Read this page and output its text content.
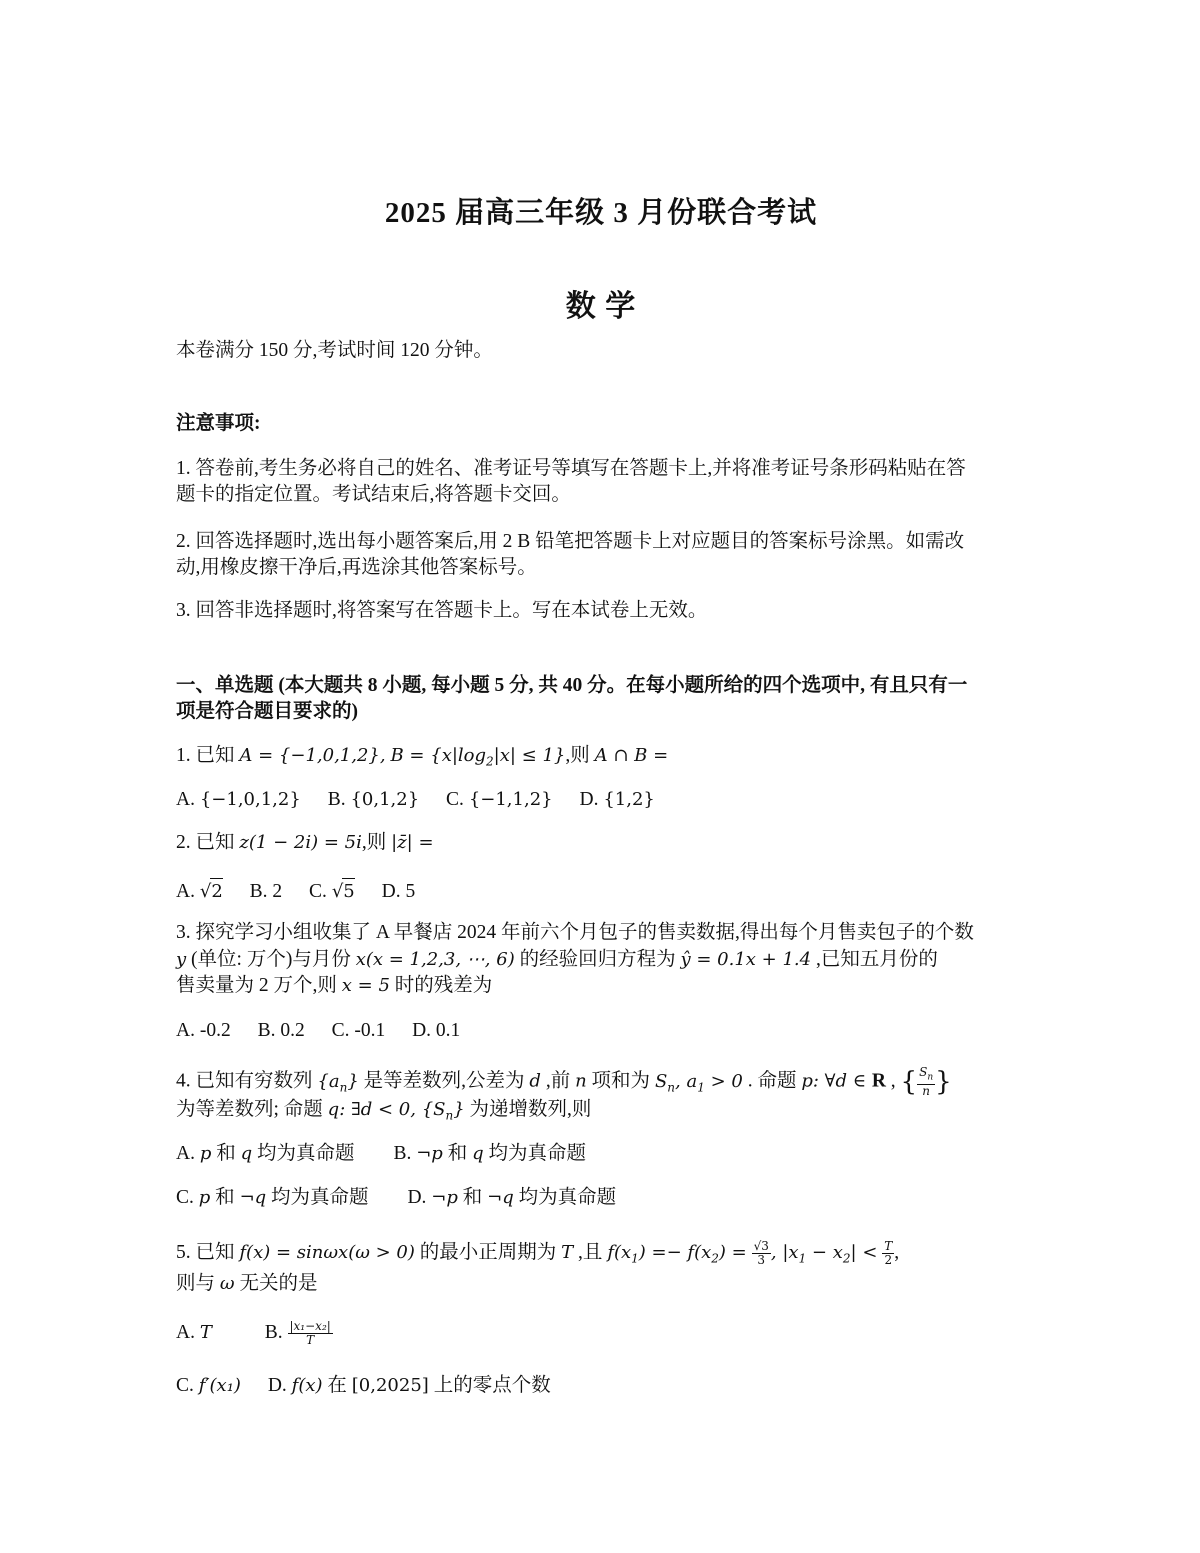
2025 届高三年级 3 月份联合考试
数 学
本卷满分 150 分,考试时间 120 分钟。
注意事项:
1. 答卷前,考生务必将自己的姓名、准考证号等填写在答题卡上,并将准考证号条形码粘贴在答
题卡的指定位置。考试结束后,将答题卡交回。
2. 回答选择题时,选出每小题答案后,用 2 B 铅笔把答题卡上对应题目的答案标号涂黑。如需改
动,用橡皮擦干净后,再选涂其他答案标号。
3. 回答非选择题时,将答案写在答题卡上。写在本试卷上无效。
一、单选题 (本大题共 8 小题, 每小题 5 分, 共 40 分。在每小题所给的四个选项中, 有且只有一
项是符合题目要求的)
1. 已知 A = {−1,0,1,2}, $B = \{x|\log_2|x| \le 1\}$,则 A ∩ B =
A. {−1,0,1,2} B. {0,1,2} C. {−1,1,2} D. {1,2}
2. 已知 z(1 − 2i) = 5i,则 |z̄| =
A. √2 B. 2 C. √5 D. 5
3. 探究学习小组收集了 A 早餐店 2024 年前六个月包子的售卖数据,得出每个月售卖包子的个数
y (单位: 万个)与月份 x(x = 1,2,3, ⋯, 6) 的经验回归方程为 ŷ = 0.1x + 1.4 ,已知五月份的
售卖量为 2 万个,则 x = 5 时的残差为
A. -0.2 B. 0.2 C. -0.1 D. 0.1
4. 已知有穷数列 $\{a_n\}$ 是等差数列,公差为 d ,前 n 项和为 $S_n$, $a_1 > 0$ . 命题 p: ∀d ∈ R , { $\frac{S_n}{n}$ }
为等差数列; 命题 q: ∃d < 0, $\{S_n\}$ 为递增数列,则
A. p 和 q 均为真命题 B. ¬p 和 q 均为真命题
C. p 和 ¬q 均为真命题 D. ¬p 和 ¬q 均为真命题
5. 已知 f(x) = sinωx(ω > 0) 的最小正周期为 T ,且 $f(x_1) =- f(x_2) = \frac{√3}{3}$ , $|x_1 - x_2| < \frac{T}{2}$ ,
则与 ω 无关的是
A. T	B. $\frac{\text{|x₁−x₂|}}{T}$
C. f′(x₁) D. f(x) 在 [0,2025] 上的零点个数
